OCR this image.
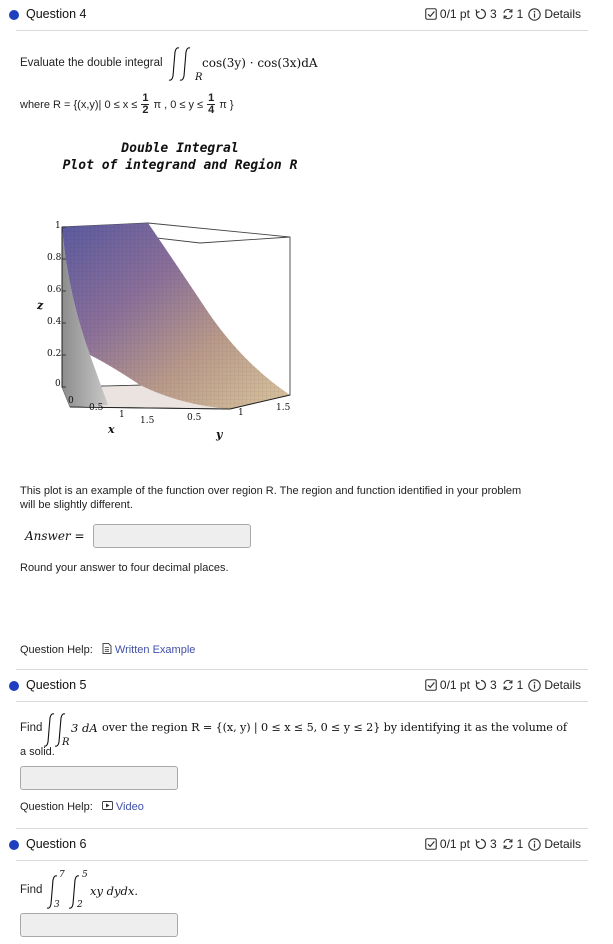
Question 4	0/1 pt 3 1 Details
Evaluate the double integral
R
cos(3y) · cos(3x)dA
where R = {(x,y)| $0 \le x \le \frac{1}{2}$ π , $0 \le y \le \frac{1}{4}$ π }
Double Integral
Plot of integrand and Region R
1
0.8
0.6
0.4
0.2
0
z
0
0.5
1
1.5
x
0.5	1	1.5
y
This plot is an example of the function over region R. The region and function identified in your problem
will be slightly different.
Answer =
Round your answer to four decimal places.
Question Help: Written Example
Question 5	0/1 pt 3 1 Details
Find
R
3 dA over the region R = {(x, y) | 0 ≤ x ≤ 5, 0 ≤ y ≤ 2} by identifying it as the volume of
a solid.
Question Help: Video
Question 6	0/1 pt 3 1 Details
Find
7
3
5
2
xy dydx.
